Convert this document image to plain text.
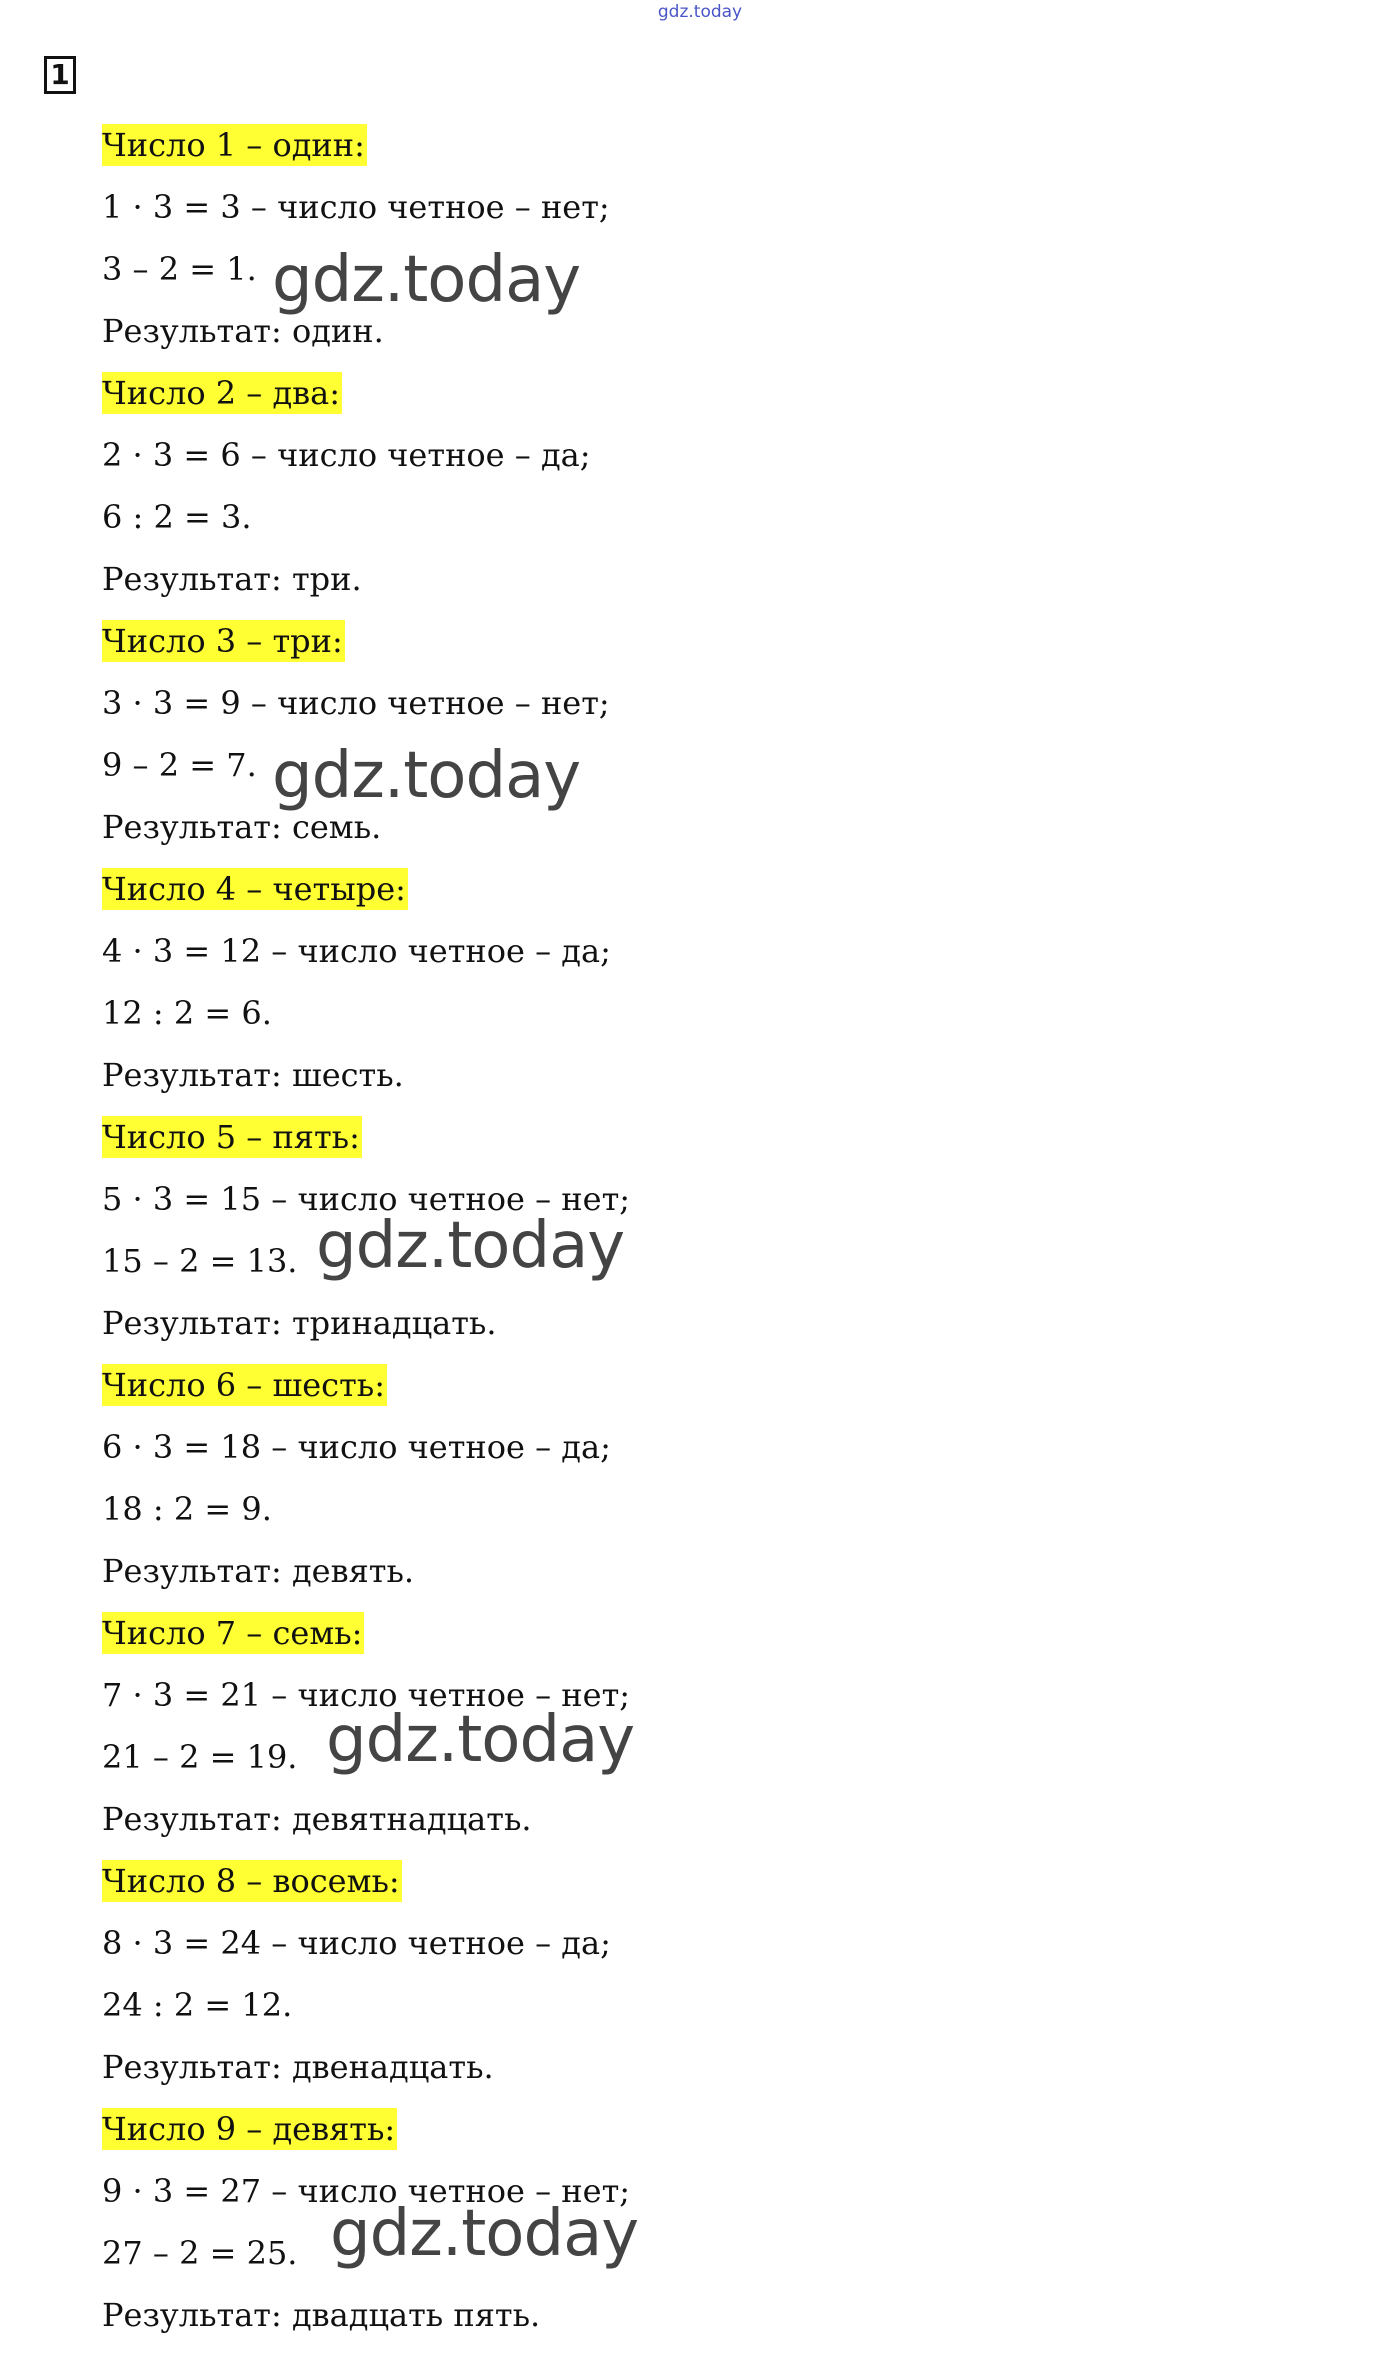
gdz.today
1
Число 1 – один:
1 · 3 = 3 – число четное – нет;
3 – 2 = 1.
Результат: один.
Число 2 – два:
2 · 3 = 6 – число четное – да;
6 : 2 = 3.
Результат: три.
Число 3 – три:
3 · 3 = 9 – число четное – нет;
9 – 2 = 7.
Результат: семь.
Число 4 – четыре:
4 · 3 = 12 – число четное – да;
12 : 2 = 6.
Результат: шесть.
Число 5 – пять:
5 · 3 = 15 – число четное – нет;
15 – 2 = 13.
Результат: тринадцать.
Число 6 – шесть:
6 · 3 = 18 – число четное – да;
18 : 2 = 9.
Результат: девять.
Число 7 – семь:
7 · 3 = 21 – число четное – нет;
21 – 2 = 19.
Результат: девятнадцать.
Число 8 – восемь:
8 · 3 = 24 – число четное – да;
24 : 2 = 12.
Результат: двенадцать.
Число 9 – девять:
9 · 3 = 27 – число четное – нет;
27 – 2 = 25.
Результат: двадцать пять.
gdz.today
gdz.today
gdz.today
gdz.today
gdz.today
